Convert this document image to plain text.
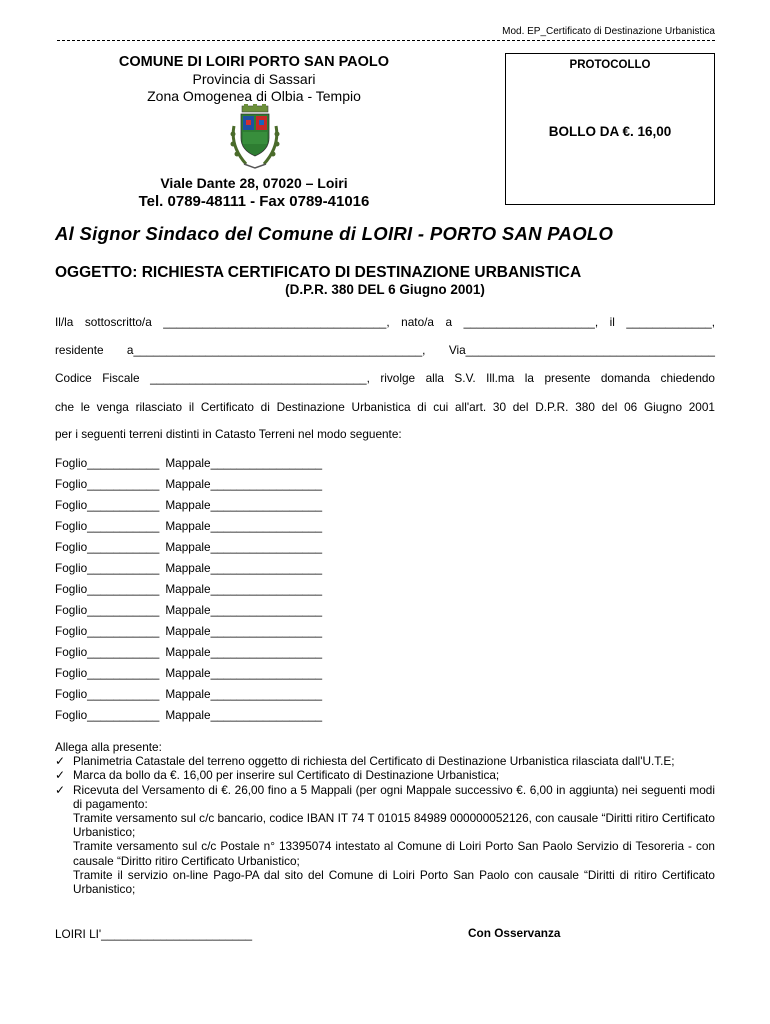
Mod. EP_Certificato di Destinazione Urbanistica
COMUNE DI LOIRI PORTO SAN PAOLO
Provincia di Sassari
Zona Omogenea di Olbia - Tempio
Viale Dante 28, 07020 – Loiri
Tel. 0789-48111 - Fax 0789-41016
PROTOCOLLO
BOLLO DA €. 16,00
Al Signor Sindaco del Comune di LOIRI - PORTO SAN PAOLO
OGGETTO: RICHIESTA CERTIFICATO DI DESTINAZIONE URBANISTICA
(D.P.R. 380 DEL 6 Giugno 2001)
Il/la sottoscritto/a __________________________________, nato/a a ____________________, il _____________,
residente a____________________________________________, Via______________________________________
Codice Fiscale _________________________________, rivolge alla S.V. Ill.ma la presente domanda chiedendo
che le venga rilasciato il Certificato di Destinazione Urbanistica di cui all'art. 30 del D.P.R. 380 del 06 Giugno 2001
per i seguenti terreni distinti in Catasto Terreni nel modo seguente:
Foglio___________ Mappale_________________
Foglio___________ Mappale_________________
Foglio___________ Mappale_________________
Foglio___________ Mappale_________________
Foglio___________ Mappale_________________
Foglio___________ Mappale_________________
Foglio___________ Mappale_________________
Foglio___________ Mappale_________________
Foglio___________ Mappale_________________
Foglio___________ Mappale_________________
Foglio___________ Mappale_________________
Foglio___________ Mappale_________________
Foglio___________ Mappale_________________
Allega alla presente:
✓ Planimetria Catastale del terreno oggetto di richiesta del Certificato di Destinazione Urbanistica rilasciata dall'U.T.E;
✓ Marca da bollo da €. 16,00 per inserire sul Certificato di Destinazione Urbanistica;
✓ Ricevuta del Versamento di €. 26,00 fino a 5 Mappali (per ogni Mappale successivo €. 6,00 in aggiunta) nei seguenti modi di pagamento:
Tramite versamento sul c/c bancario, codice IBAN IT 74 T 01015 84989 000000052126, con causale “Diritti ritiro Certificato Urbanistico;
Tramite versamento sul c/c Postale n° 13395074 intestato al Comune di Loiri Porto San Paolo Servizio di Tesoreria - con causale “Diritto ritiro Certificato Urbanistico;
Tramite il servizio on-line Pago-PA dal sito del Comune di Loiri Porto San Paolo con causale “Diritti di ritiro Certificato Urbanistico;
LOIRI LI'_______________________	Con Osservanza
